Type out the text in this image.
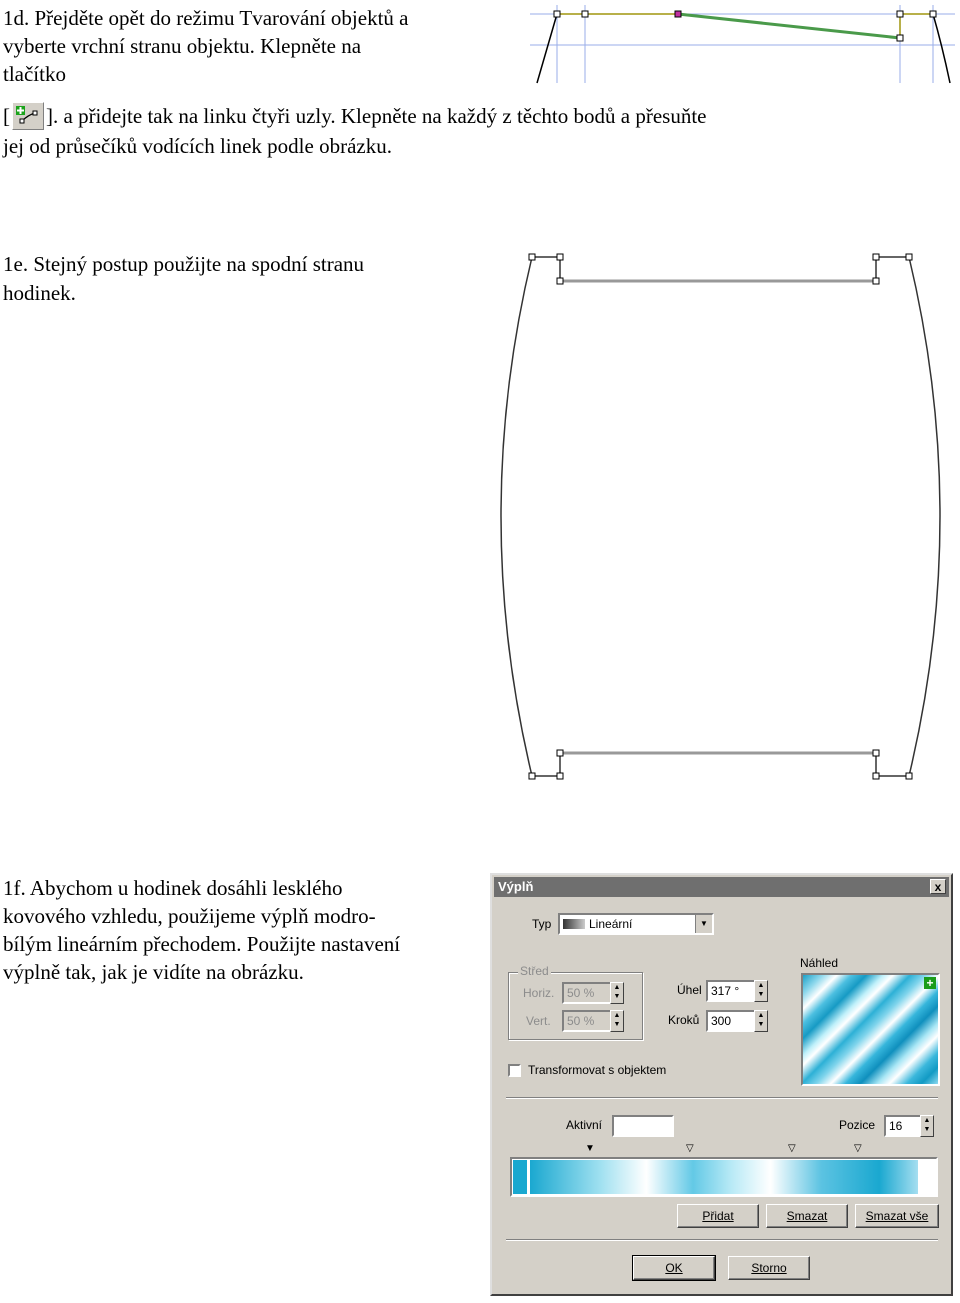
1d. Přejděte opět do režimu Tvarování objektů a
vyberte vrchní stranu objektu. Klepněte na
tlačítko
[ ]. a přidejte tak na linku čtyři uzly. Klepněte na každý z těchto bodů a přesuňte
jej od průsečíků vodících linek podle obrázku.
1e. Stejný postup použijte na spodní stranu
hodinek.
1f. Abychom u hodinek dosáhli lesklého
kovového vzhledu, použijeme výplň modro-
bílým lineárním přechodem. Použijte nastavení
výplně tak, jak je vidíte na obrázku.
Výplň	x
Typ	Lineární	▼
Střed
Horiz.	50 %	▲
▼
Vert.	50 %	▲
▼
Úhel 317 °	▲
▼
Kroků 300	▲
▼
Náhled
+
Transformovat s objektem
Aktivní	Pozice	16	▲
▼
▼	▽	▽	▽
Přidat	Smazat	Smazat vše
OK	Storno
